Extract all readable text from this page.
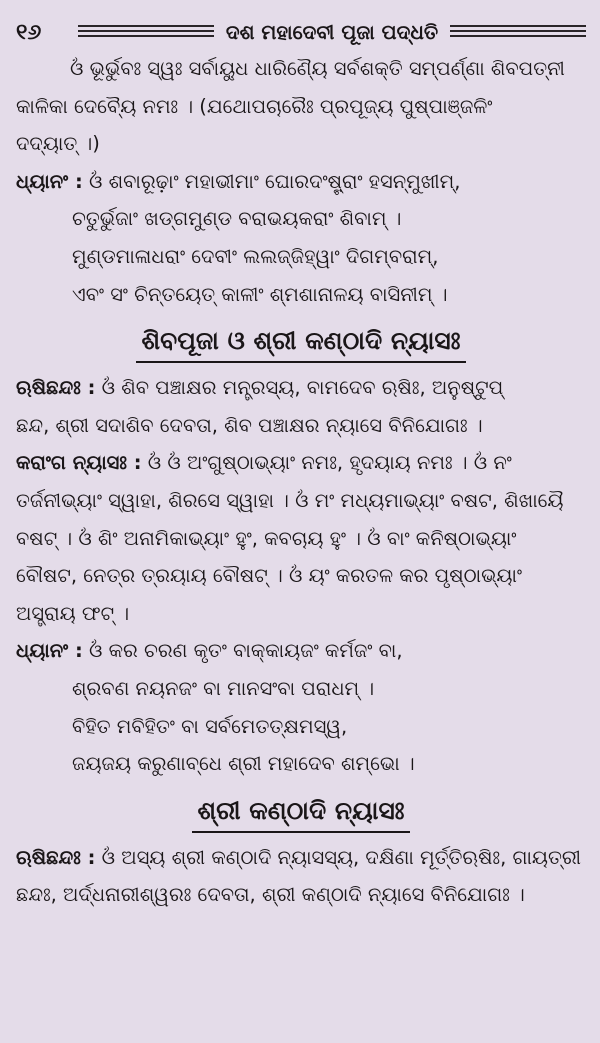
୧୬	ଦଶ ମହାଦେବୀ ପୂଜା ପଦ୍ଧତି

ଓଁ ଭୂର୍ଭୁବଃ ସ୍ୱଃ ସର୍ବାୟୁଧ ଧାରିଣ୍ୟୈ ସର୍ବଶକ୍ତି ସମ୍ପର୍ଣ୍ଣା ଶିବପତ୍ନୀ

କାଳିକା ଦେବ୍ୟୈ ନମଃ । (ଯଥୋପଚାରୈଃ ପ୍ରପୂଜ୍ୟ ପୁଷ୍ପାଞ୍ଜଳିଂ

ଦଦ୍ୟାତ୍ ।)

ଧ୍ୟାନଂ : ଓଁ ଶବାରୂଢ଼ାଂ ମହାଭୀମାଂ ଘୋରଦଂଷ୍ଟ୍ରାଂ ହସନ୍ମୁଖୀମ୍,

ଚତୁର୍ଭୁଜାଂ ଖଡ୍ଗମୁଣ୍ଡ ବରାଭୟକରାଂ ଶିବାମ୍ ।

ମୁଣ୍ଡମାଳାଧରାଂ ଦେବୀଂ ଲଲଜ୍ଜିହ୍ୱାଂ ଦିଗମ୍ବରାମ୍,

ଏବଂ ସଂ ଚିନ୍ତୟେତ୍ କାଳୀଂ ଶ୍ମଶାନାଳୟ ବାସିନୀମ୍ ।

ଶିବପୂଜା ଓ ଶ୍ରୀ କଣ୍ଠାଦି ନ୍ୟାସଃ

ଋଷିଛନ୍ଦଃ : ଓଁ ଶିବ ପଞ୍ଚାକ୍ଷର ମନ୍ତ୍ରସ୍ୟ, ବାମଦେବ ଋଷିଃ, ଅନୁଷ୍ଟୁପ୍

ଛନ୍ଦ, ଶ୍ରୀ ସଦାଶିବ ଦେବତା, ଶିବ ପଞ୍ଚାକ୍ଷର ନ୍ୟାସେ ବିନିଯୋଗଃ ।

କରାଂଗ ନ୍ୟାସଃ : ଓଁ ଓଁ ଅଂଗୁଷ୍ଠାଭ୍ୟାଂ ନମଃ, ହୃଦୟାୟ ନମଃ । ଓଁ ନଂ

ତର୍ଜନୀଭ୍ୟାଂ ସ୍ୱାହା, ଶିରସେ ସ୍ୱାହା । ଓଁ ମଂ ମଧ୍ୟମାଭ୍ୟାଂ ବଷଟ, ଶିଖାୟୈ

ବଷଟ୍ । ଓଁ ଶିଂ ଅନାମିକାଭ୍ୟାଂ ହୁଂ, କବଚାୟ ହୁଂ । ଓଁ ବାଂ କନିଷ୍ଠାଭ୍ୟାଂ

ବୌଷଟ, ନେତ୍ର ତ୍ରୟାୟ ବୌଷଟ୍ । ଓଁ ୟଂ କରତଳ କର ପୃଷ୍ଠାଭ୍ୟାଂ

ଅସ୍ତ୍ରାୟ ଫଟ୍ ।

ଧ୍ୟାନଂ : ଓଁ କର ଚରଣ କୃତଂ ବାକ୍‌କାୟଜଂ କର୍ମଜଂ ବା,

ଶ୍ରବଣ ନୟନଜଂ ବା ମାନସଂବା ପରାଧମ୍ ।

ବିହିତ ମବିହିତଂ ବା ସର୍ବମେତତ୍‌କ୍ଷମସ୍ୱ,

ଜୟଜୟ କରୁଣାବ୍ଧେ ଶ୍ରୀ ମହାଦେବ ଶମ୍ଭୋ ।

ଶ୍ରୀ କଣ୍ଠାଦି ନ୍ୟାସଃ

ଋଷିଛନ୍ଦଃ : ଓଁ ଅସ୍ୟ ଶ୍ରୀ କଣ୍ଠାଦି ନ୍ୟାସସ୍ୟ, ଦକ୍ଷିଣା ମୂର୍ତ୍ତିଋଷିଃ, ଗାୟତ୍ରୀ

ଛନ୍ଦଃ, ଅର୍ଦ୍ଧନାରୀଶ୍ୱରଃ ଦେବତା, ଶ୍ରୀ କଣ୍ଠାଦି ନ୍ୟାସେ ବିନିଯୋଗଃ ।
